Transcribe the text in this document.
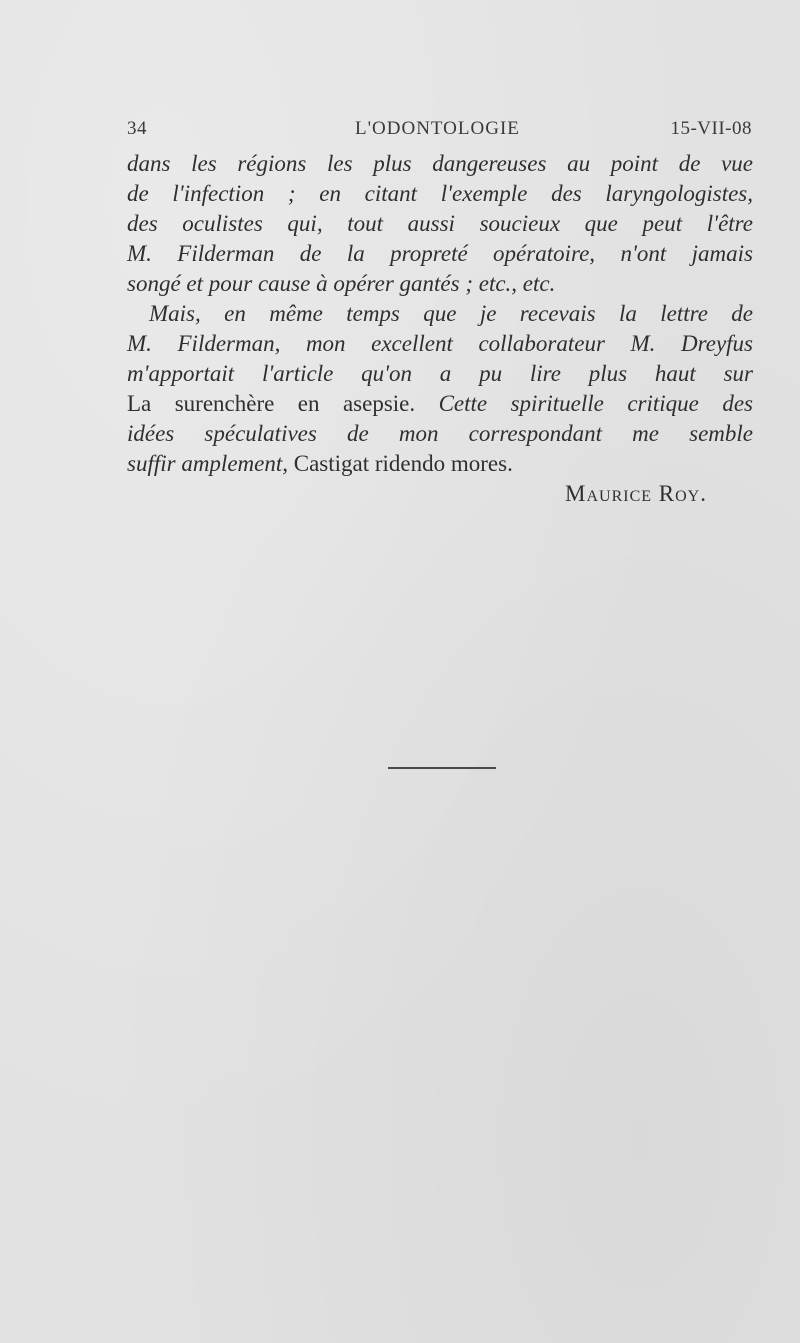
34	L'ODONTOLOGIE	15-VII-08
dans les régions les plus dangereuses au point de vue
de l'infection ; en citant l'exemple des laryngologistes,
des oculistes qui, tout aussi soucieux que peut l'être
M. Filderman de la propreté opératoire, n'ont jamais
songé et pour cause à opérer gantés ; etc., etc.
Mais, en même temps que je recevais la lettre de
M. Filderman, mon excellent collaborateur M. Dreyfus
m'apportait l'article qu'on a pu lire plus haut sur
La surenchère en asepsie. Cette spirituelle critique des
idées spéculatives de mon correspondant me semble
suffir amplement, Castigat ridendo mores.
Maurice Roy.
